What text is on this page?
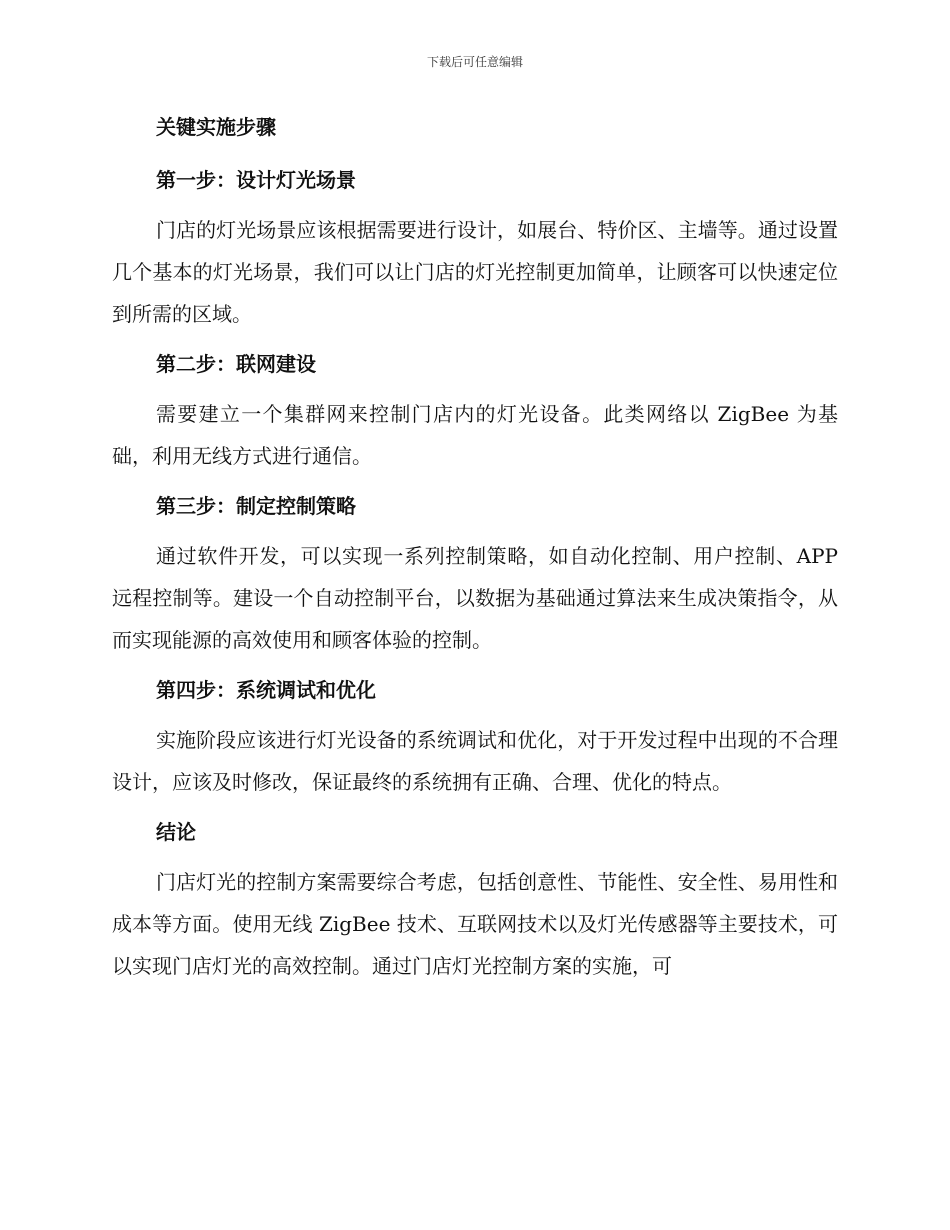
下载后可任意编辑
关键实施步骤
第一步：设计灯光场景
门店的灯光场景应该根据需要进行设计，如展台、特价区、主墙等。通过设置几个基本的灯光场景，我们可以让门店的灯光控制更加简单，让顾客可以快速定位到所需的区域。
第二步：联网建设
需要建立一个集群网来控制门店内的灯光设备。此类网络以 ZigBee 为基础，利用无线方式进行通信。
第三步：制定控制策略
通过软件开发，可以实现一系列控制策略，如自动化控制、用户控制、APP 远程控制等。建设一个自动控制平台，以数据为基础通过算法来生成决策指令，从而实现能源的高效使用和顾客体验的控制。
第四步：系统调试和优化
实施阶段应该进行灯光设备的系统调试和优化，对于开发过程中出现的不合理设计，应该及时修改，保证最终的系统拥有正确、合理、优化的特点。
结论
门店灯光的控制方案需要综合考虑，包括创意性、节能性、安全性、易用性和成本等方面。使用无线 ZigBee 技术、互联网技术以及灯光传感器等主要技术，可以实现门店灯光的高效控制。通过门店灯光控制方案的实施，可
